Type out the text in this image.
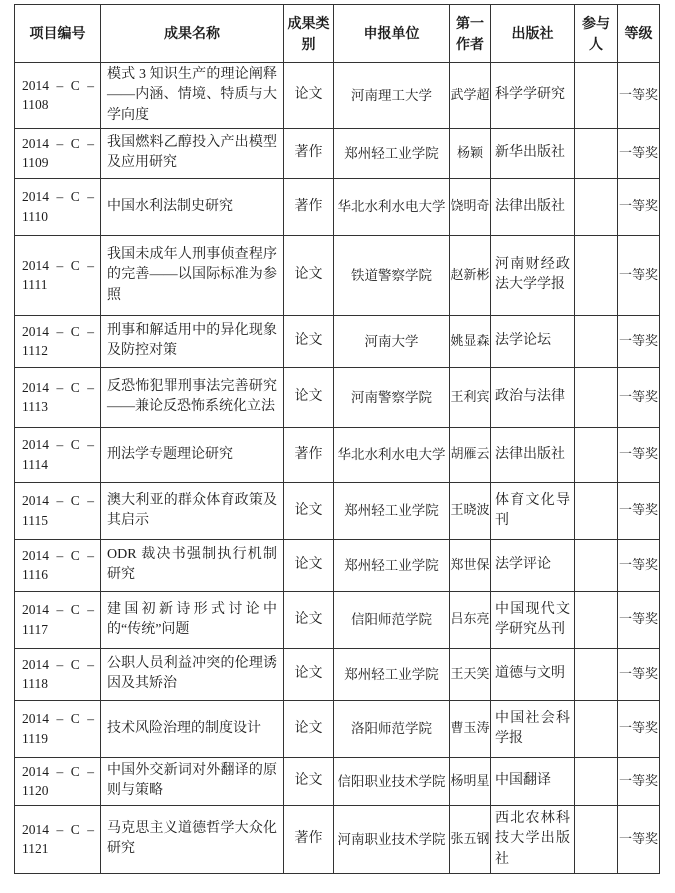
项目编号	成果名称	成果类别	申报单位	第一作者	出版社	参与人	等级
2014 – C –1108	模式 3 知识生产的理论阐释——内涵、情境、特质与大学向度	论文	河南理工大学	武学超	科学学研究		一等奖
2014 – C –1109	我国燃料乙醇投入产出模型及应用研究	著作	郑州轻工业学院	杨颖	新华出版社		一等奖
2014 – C –1110	中国水利法制史研究	著作	华北水利水电大学	饶明奇	法律出版社		一等奖
2014 – C –1111	我国未成年人刑事侦查程序的完善——以国际标准为参照	论文	铁道警察学院	赵新彬	河南财经政法大学学报		一等奖
2014 – C –1112	刑事和解适用中的异化现象及防控对策	论文	河南大学	姚显森	法学论坛		一等奖
2014 – C –1113	反恐怖犯罪刑事法完善研究——兼论反恐怖系统化立法	论文	河南警察学院	王利宾	政治与法律		一等奖
2014 – C –1114	刑法学专题理论研究	著作	华北水利水电大学	胡雁云	法律出版社		一等奖
2014 – C –1115	澳大利亚的群众体育政策及其启示	论文	郑州轻工业学院	王晓波	体育文化导刊		一等奖
2014 – C –1116	ODR 裁决书强制执行机制研究	论文	郑州轻工业学院	郑世保	法学评论		一等奖
2014 – C –1117	建国初新诗形式讨论中的“传统”问题	论文	信阳师范学院	吕东亮	中国现代文学研究丛刊		一等奖
2014 – C –1118	公职人员利益冲突的伦理诱因及其矫治	论文	郑州轻工业学院	王天笑	道德与文明		一等奖
2014 – C –1119	技术风险治理的制度设计	论文	洛阳师范学院	曹玉涛	中国社会科学报		一等奖
2014 – C –1120	中国外交新词对外翻译的原则与策略	论文	信阳职业技术学院	杨明星	中国翻译		一等奖
2014 – C –1121	马克思主义道德哲学大众化研究	著作	河南职业技术学院	张五钢	西北农林科技大学出版社		一等奖
